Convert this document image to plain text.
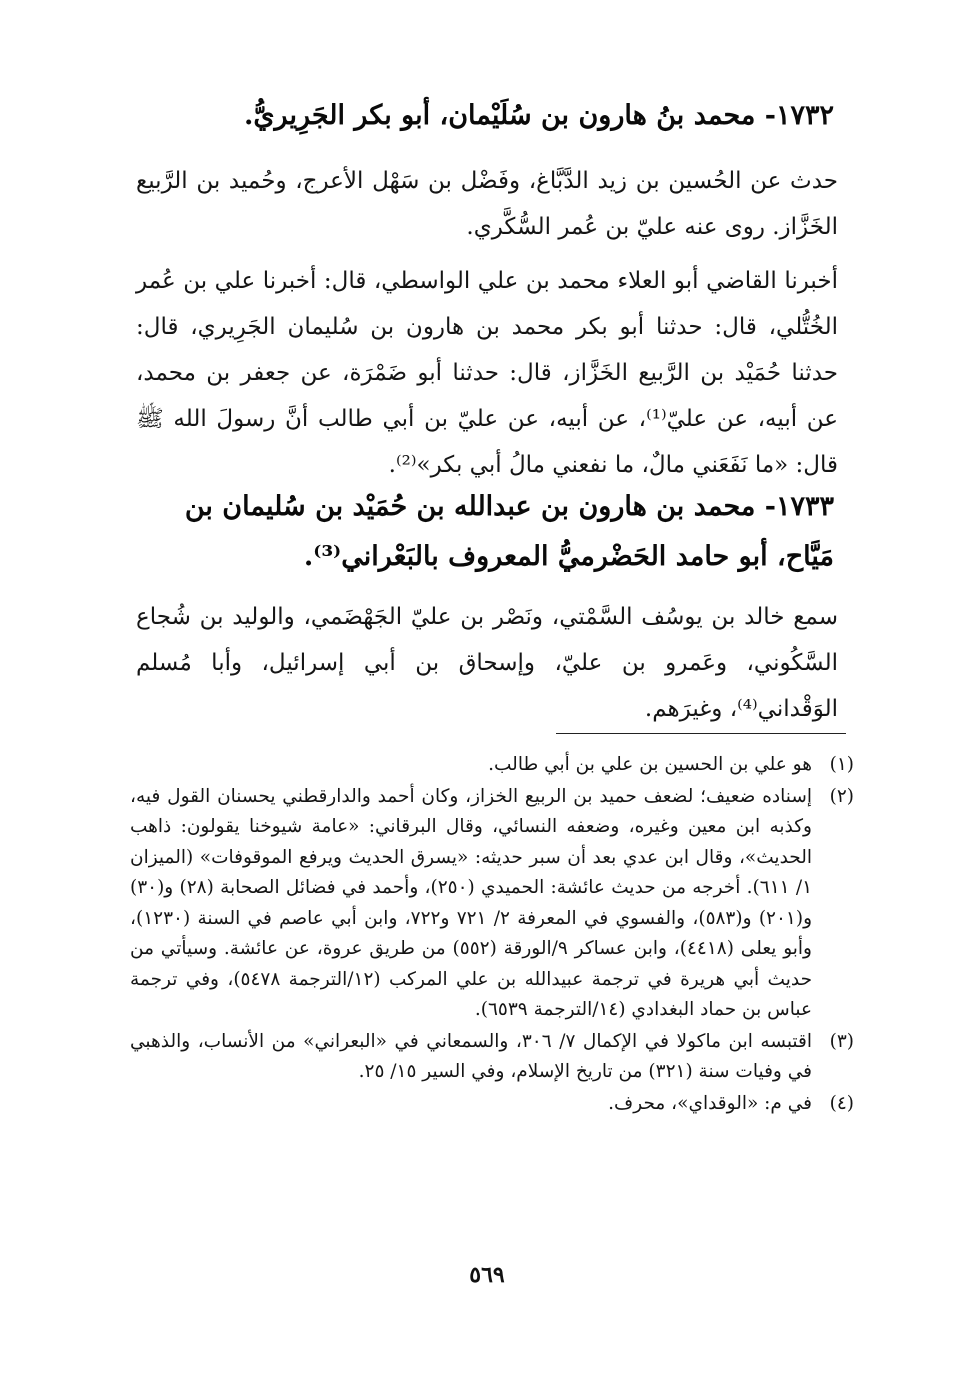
١٧٣٢- محمد بنُ هارون بن سُلَيْمان، أبو بكر الجَرِيريُّ.
حدث عن الحُسين بن زيد الدَّبَّاغ، وفَضْل بن سَهْل الأعرج، وحُميد بن الرَّبيع الخَزَّاز. روى عنه عليّ بن عُمر السُّكَّري.
أخبرنا القاضي أبو العلاء محمد بن علي الواسطي، قال: أخبرنا علي بن عُمر الخُتُّلي، قال: حدثنا أبو بكر محمد بن هارون بن سُليمان الجَرِيري، قال: حدثنا حُمَيْد بن الرَّبيع الخَزَّاز، قال: حدثنا أبو ضَمْرَة، عن جعفر بن محمد، عن أبيه، عن عليّ⁽¹⁾، عن أبيه، عن عليّ بن أبي طالب أنَّ رسولَ الله ﷺ قال: «ما نَفَعَني مالٌ، ما نفعني مالُ أبي بكر»⁽²⁾.
١٧٣٣- محمد بن هارون بن عبدالله بن حُمَيْد بن سُليمان بن مَيَّاح، أبو حامد الحَضْرميُّ المعروف بالبَعْراني⁽³⁾.
سمع خالد بن يوسُف السَّمْتي، ونَصْر بن عليّ الجَهْضَمي، والوليد بن شُجاع السَّكُوني، وعَمرو بن عليّ، وإسحاق بن أبي إسرائيل، وأبا مُسلم الوَقْداني⁽⁴⁾، وغيرَهم.
(١)
هو علي بن الحسين بن علي بن أبي طالب.
(٢)
إسناده ضعيف؛ لضعف حميد بن الربيع الخزاز، وكان أحمد والدارقطني يحسنان القول فيه، وكذبه ابن معين وغيره، وضعفه النسائي، وقال البرقاني: «عامة شيوخنا يقولون: ذاهب الحديث»، وقال ابن عدي بعد أن سبر حديثه: «يسرق الحديث ويرفع الموقوفات» (الميزان ١/ ٦١١). أخرجه من حديث عائشة: الحميدي (٢٥٠)، وأحمد في فضائل الصحابة (٢٨) و(٣٠) و(٢٠١) و(٥٨٣)، والفسوي في المعرفة ٢/ ٧٢١ و٧٢٢، وابن أبي عاصم في السنة (١٢٣٠)، وأبو يعلى (٤٤١٨)، وابن عساكر ٩/الورقة (٥٥٢) من طريق عروة، عن عائشة. وسيأتي من حديث أبي هريرة في ترجمة عبيدالله بن علي المركب (١٢/الترجمة ٥٤٧٨)، وفي ترجمة عباس بن حماد البغدادي (١٤/الترجمة ٦٥٣٩).
(٣)
اقتبسه ابن ماكولا في الإكمال ٧/ ٣٠٦، والسمعاني في «البعراني» من الأنساب، والذهبي في وفيات سنة (٣٢١) من تاريخ الإسلام، وفي السير ١٥/ ٢٥.
(٤)
في م: «الوقداي»، محرف.
٥٦٩
